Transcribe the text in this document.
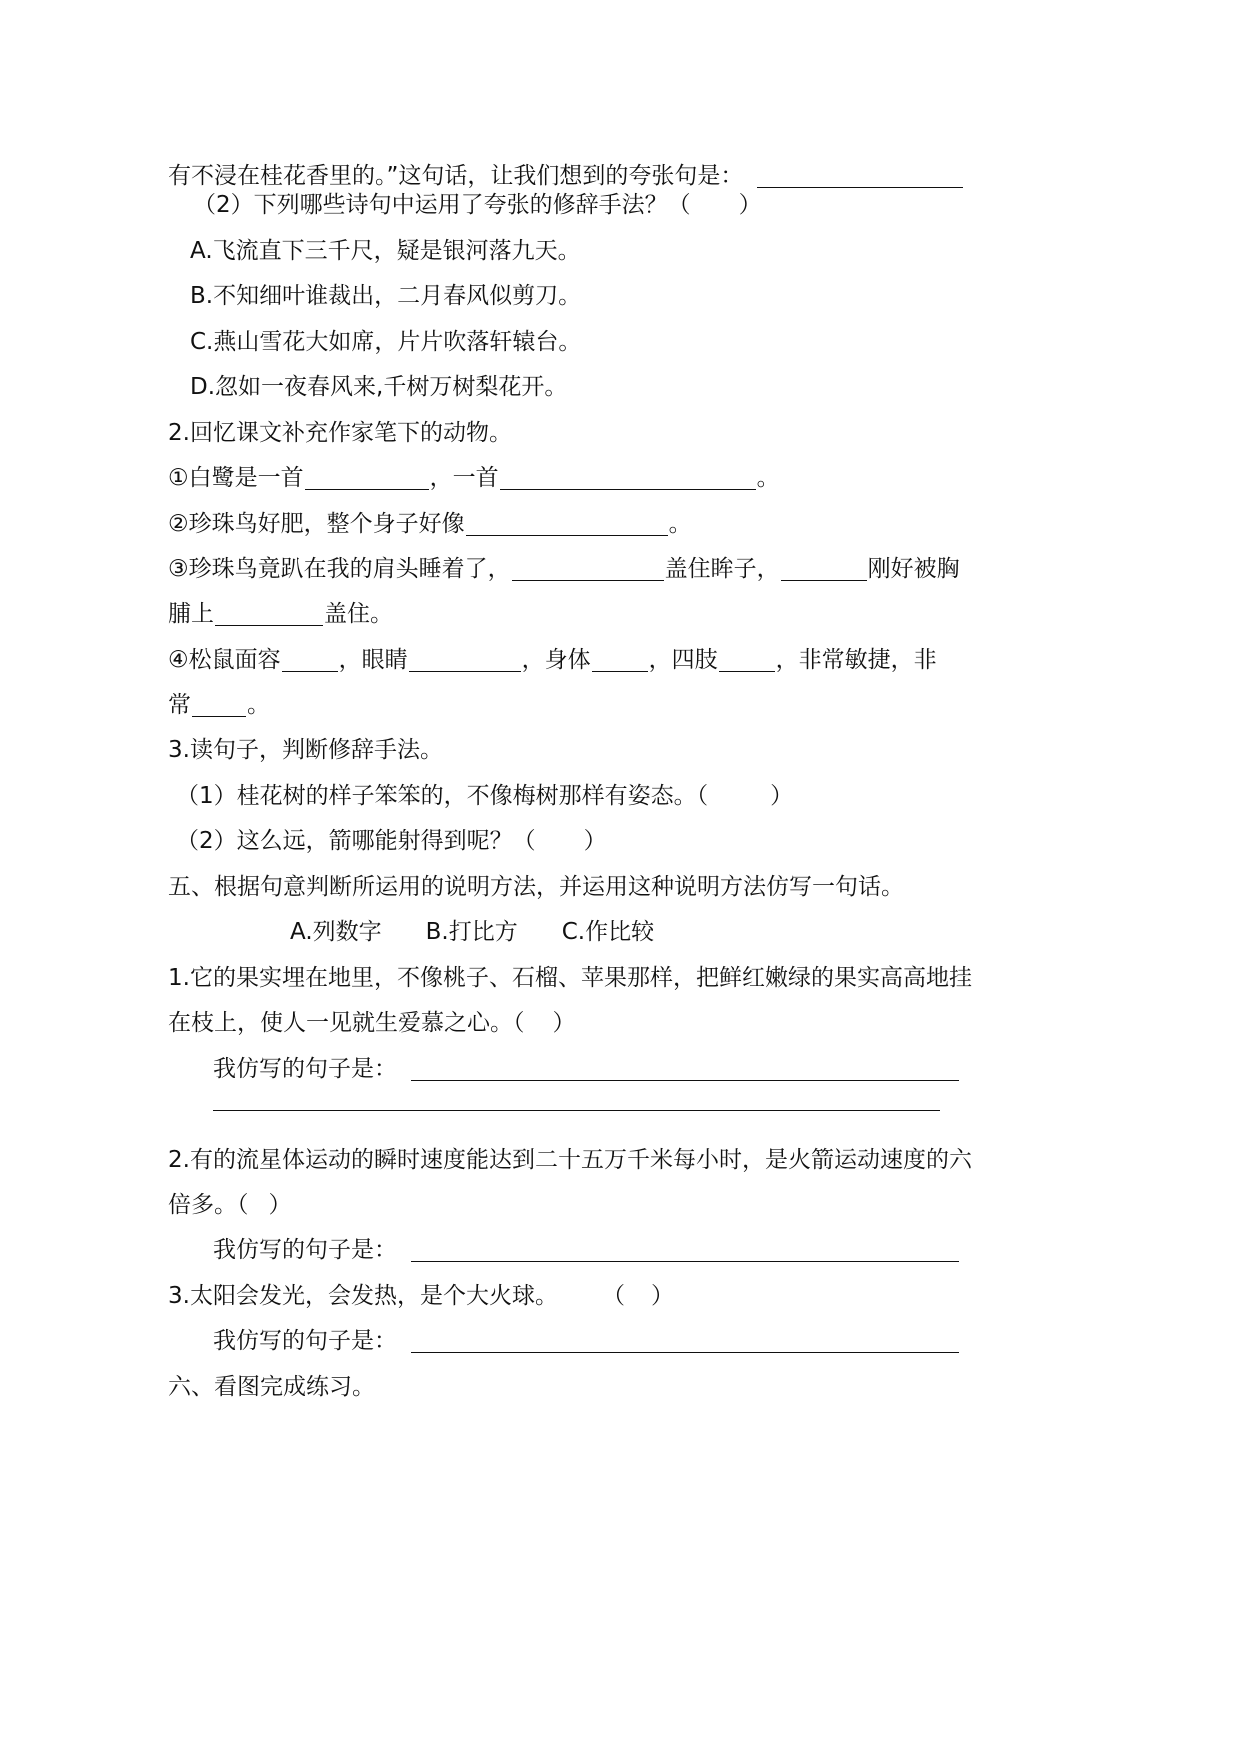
有不浸在桂花香里的。”这句话，让我们想到的夸张句是：
（2）下列哪些诗句中运用了夸张的修辞手法？（ ）
A.飞流直下三千尺，疑是银河落九天。
B.不知细叶谁裁出，二月春风似剪刀。
C.燕山雪花大如席，片片吹落轩辕台。
D.忽如一夜春风来,千树万树梨花开。
2.回忆课文补充作家笔下的动物。
①白鹭是一首	，一首	。
②珍珠鸟好肥，整个身子好像	。
③珍珠鸟竟趴在我的肩头睡着了，	盖住眸子，	刚好被胸
脯上	盖住。
④松鼠面容	，眼睛	，身体	，四肢	，非常敏捷，非
常 。
3.读句子，判断修辞手法。
（1）桂花树的样子笨笨的，不像梅树那样有姿态。（	）
（2）这么远，箭哪能射得到呢？（ ）
五、根据句意判断所运用的说明方法，并运用这种说明方法仿写一句话。
A.列数字 B.打比方 C.作比较
1.它的果实埋在地里，不像桃子、石榴、苹果那样，把鲜红嫩绿的果实高高地挂
在枝上，使人一见就生爱慕之心。（ ）
我仿写的句子是：
2.有的流星体运动的瞬时速度能达到二十五万千米每小时，是火箭运动速度的六
倍多。（ ）
我仿写的句子是：
3.太阳会发光，会发热，是个大火球。 （ ）
我仿写的句子是：
六、看图完成练习。
